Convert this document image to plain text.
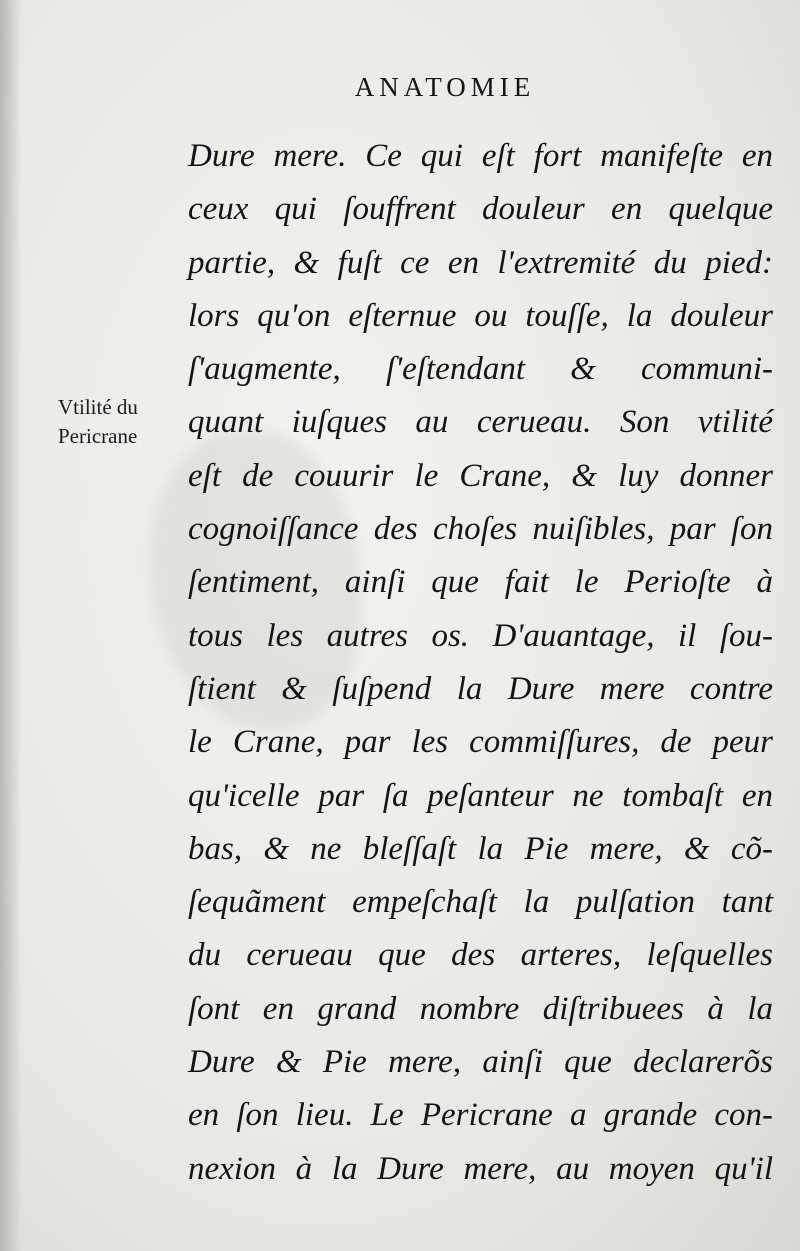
ANATOMIE
Vtilité du
Pericrane
Dure mere. Ce qui eſt fort manifeſte en
ceux qui ſouffrent douleur en quelque
partie, & fuſt ce en l'extremité du pied:
lors qu'on eſternue ou touſſe, la douleur
ſ'augmente, ſ'eſtendant & communi-
quant iuſques au cerueau. Son vtilité
eſt de couurir le Crane, & luy donner
cognoiſſance des choſes nuiſibles, par ſon
ſentiment, ainſi que fait le Perioſte à
tous les autres os. D'auantage, il ſou-
ſtient & ſuſpend la Dure mere contre
le Crane, par les commiſſures, de peur
qu'icelle par ſa peſanteur ne tombaſt en
bas, & ne bleſſaſt la Pie mere, & cõ-
ſequãment empeſchaſt la pulſation tant
du cerueau que des arteres, leſquelles
ſont en grand nombre diſtribuees à la
Dure & Pie mere, ainſi que declarerõs
en ſon lieu. Le Pericrane a grande con-
nexion à la Dure mere, au moyen qu'il
